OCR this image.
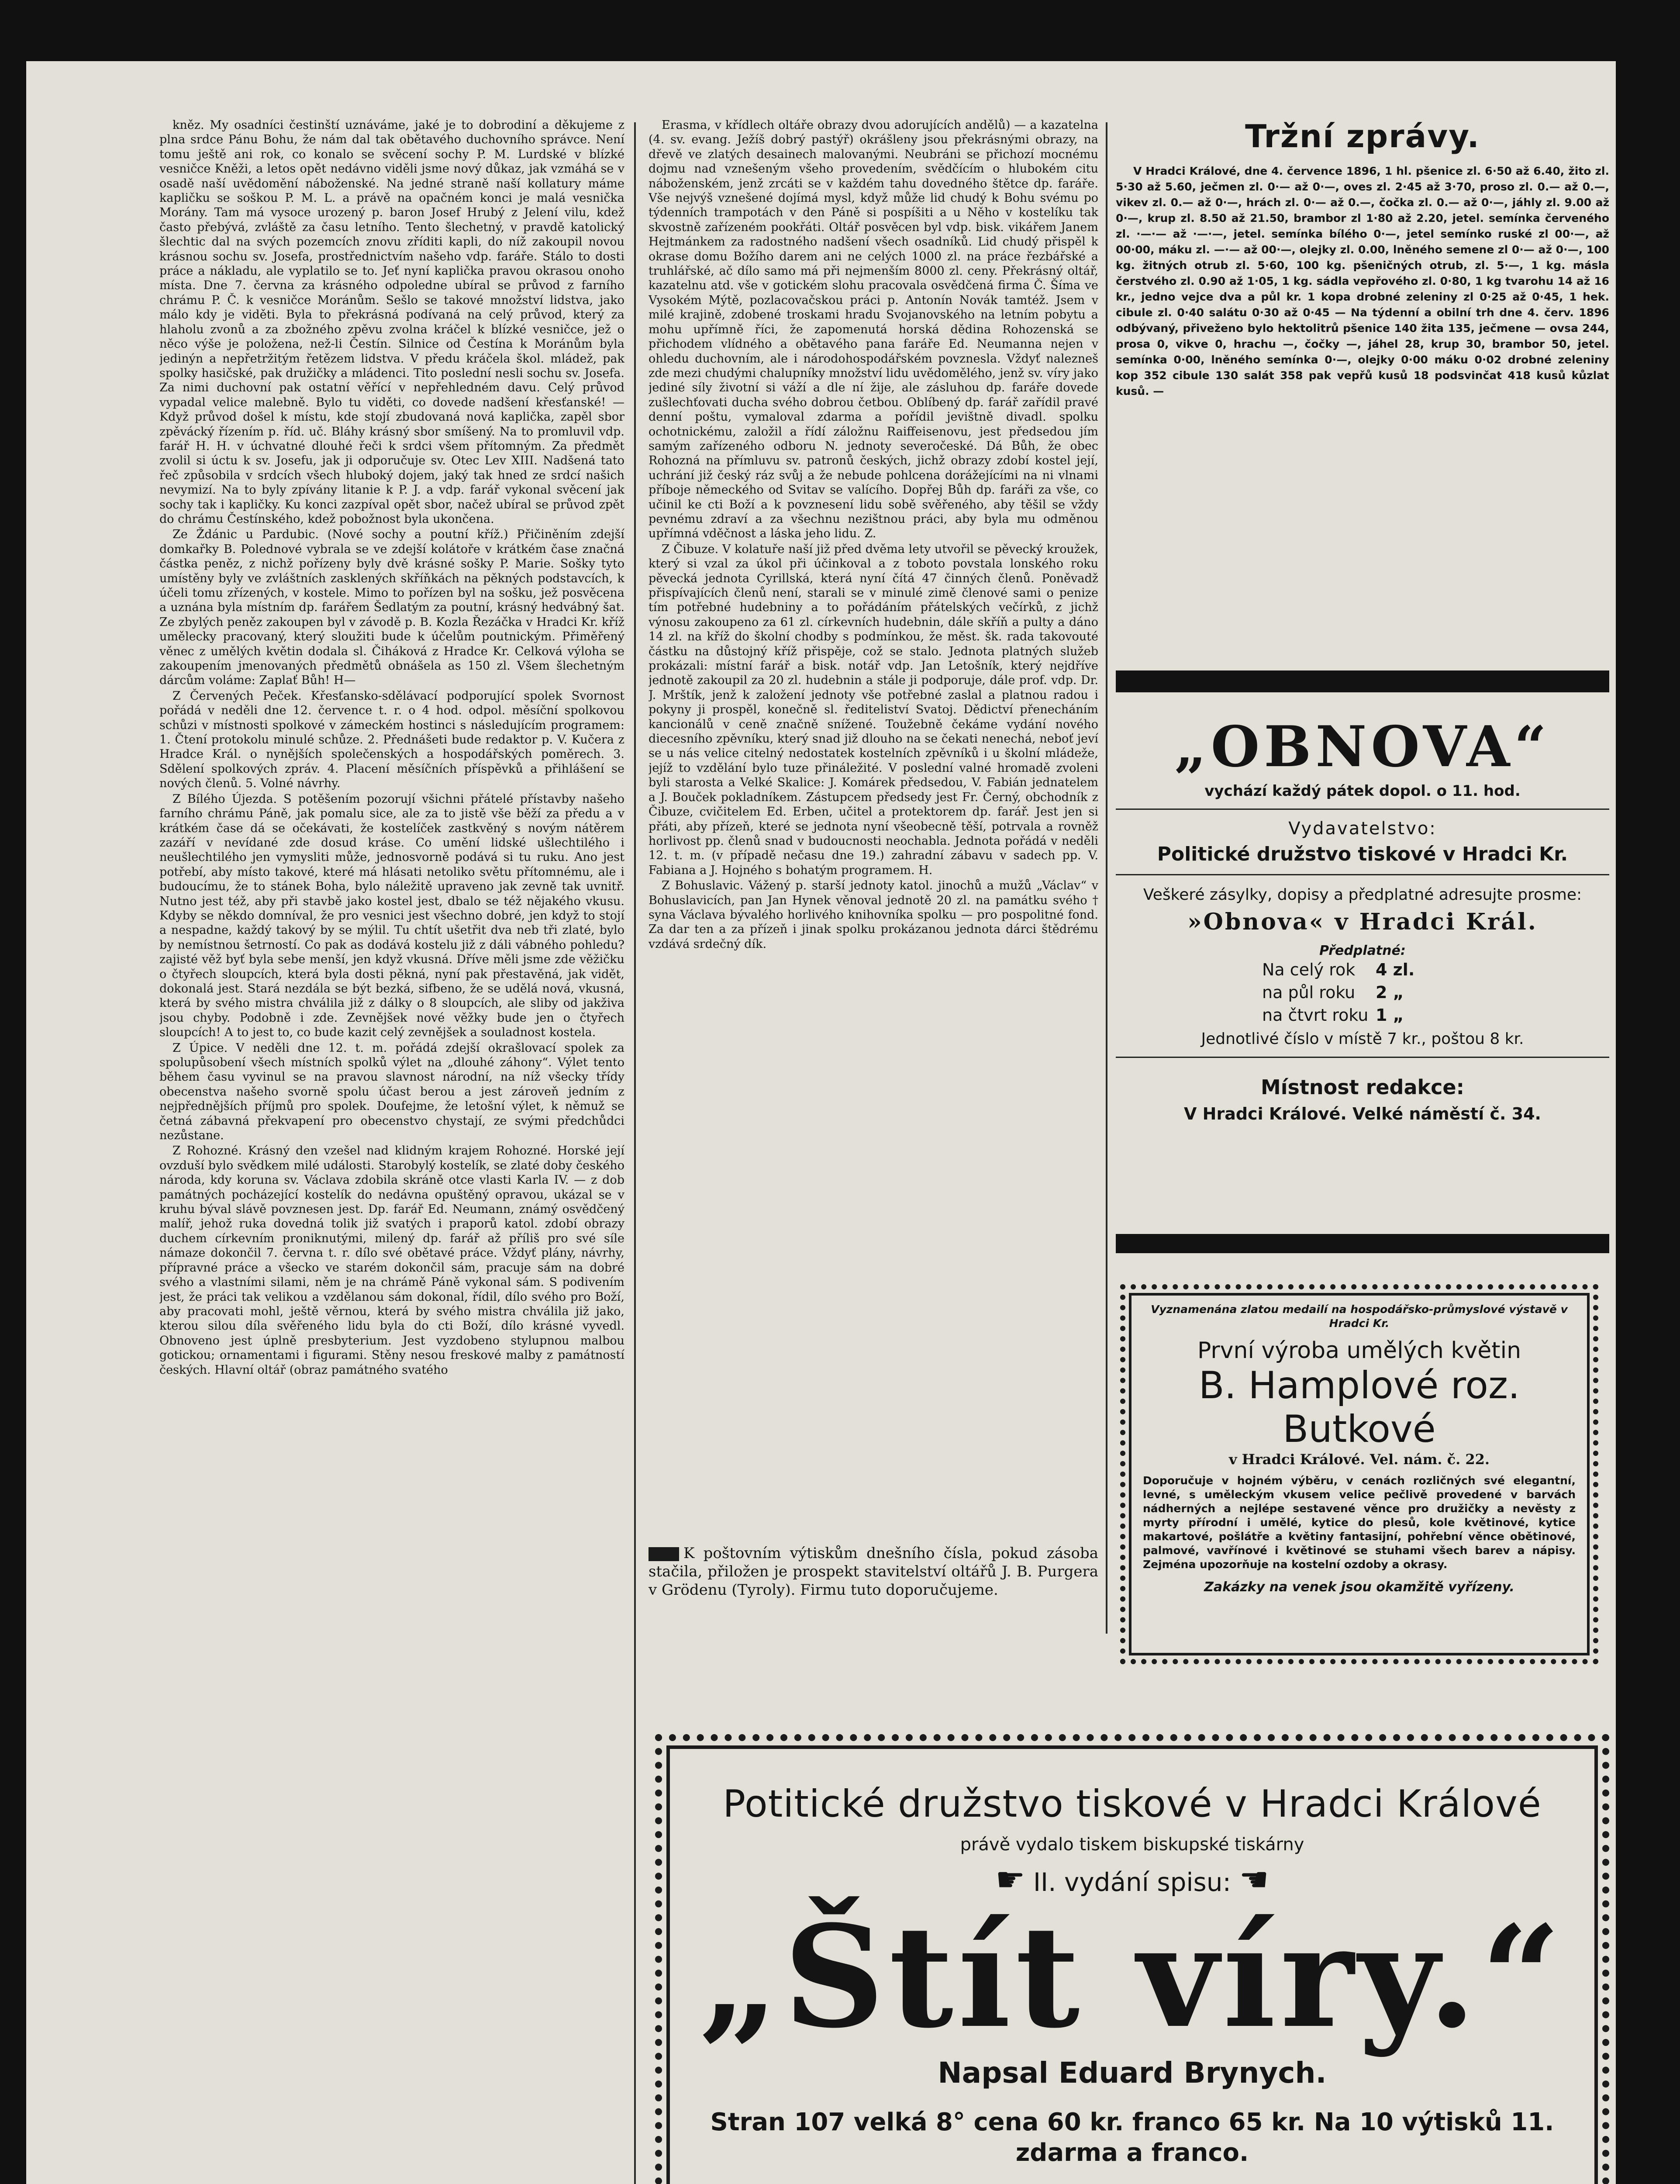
kněz. My osadníci čestinští uznáváme, jaké je to dobrodiní a děkujeme z plna srdce Pánu Bohu, že nám dal tak obětavého duchovního správce. Není tomu ještě ani rok, co konalo se svěcení sochy P. M. Lurdské v blízké vesničce Kněži, a letos opět nedávno viděli jsme nový důkaz, jak vzmáhá se v osadě naší uvědomění náboženské. Na jedné straně naší kollatury máme kapličku se soškou P. M. L. a právě na opačném konci je malá vesnička Morány. Tam má vysoce urozený p. baron Josef Hrubý z Jelení vilu, kdež často přebývá, zvláště za času letního. Tento šlechetný, v pravdě katolický šlechtic dal na svých pozemcích znovu zříditi kapli, do níž zakoupil novou krásnou sochu sv. Josefa, prostřednictvím našeho vdp. faráře. Stálo to dosti práce a nákladu, ale vyplatilo se to. Jeť nyní kaplička pravou okrasou onoho místa. Dne 7. června za krásného odpoledne ubíral se průvod z farního chrámu P. Č. k vesničce Moránům. Sešlo se takové množství lidstva, jako málo kdy je viděti. Byla to překrásná podívaná na celý průvod, který za hlaholu zvonů a za zbožného zpěvu zvolna kráčel k blízké vesničce, jež o něco výše je položena, než-li Čestín. Silnice od Čestína k Moránům byla jedinýn a nepřetržitým řetězem lidstva. V předu kráčela škol. mládež, pak spolky hasičské, pak družičky a mládenci. Tito poslední nesli sochu sv. Josefa. Za nimi duchovní pak ostatní věřící v nepřehledném davu. Celý průvod vypadal velice malebně. Bylo tu viděti, co dovede nadšení křesťanské! — Když průvod došel k místu, kde stojí zbudovaná nová kaplička, zapěl sbor zpěvácký řízením p. říd. uč. Bláhy krásný sbor smíšený. Na to promluvil vdp. farář H. H. v úchvatné dlouhé řeči k srdci všem přítomným. Za předmět zvolil si úctu k sv. Josefu, jak ji odporučuje sv. Otec Lev XIII. Nadšená tato řeč způsobila v srdcích všech hluboký dojem, jaký tak hned ze srdcí našich nevymizí. Na to byly zpívány litanie k P. J. a vdp. farář vykonal svěcení jak sochy tak i kapličky. Ku konci zazpíval opět sbor, načež ubíral se průvod zpět do chrámu Čestínského, kdež pobožnost byla ukončena.

Ze Ždánic u Pardubic. (Nové sochy a poutní kříž.) Přičiněním zdejší domkařky B. Polednové vybrala se ve zdejší kolátoře v krátkém čase značná částka peněz, z nichž pořízeny byly dvě krásné sošky P. Marie. Sošky tyto umístěny byly ve zvláštních zasklených skříňkách na pěkných podstavcích, k účeli tomu zřízených, v kostele. Mimo to pořízen byl na sošku, jež posvěcena a uznána byla místním dp. farářem Šedlatým za poutní, krásný hedvábný šat. Ze zbylých peněz zakoupen byl v závodě p. B. Kozla Řezáčka v Hradci Kr. kříž umělecky pracovaný, který sloužiti bude k účelům poutnickým. Přiměřený věnec z umělých květin dodala sl. Čiháková z Hradce Kr. Celková výloha se zakoupením jmenovaných předmětů obnášela as 150 zl. Všem šlechetným dárcům voláme: Zaplať Bůh! H—

Z Červených Peček. Křesťansko-sdělávací podporující spolek Svornost pořádá v neděli dne 12. července t. r. o 4 hod. odpol. měsíční spolkovou schůzi v místnosti spolkové v zámeckém hostinci s následujícím programem: 1. Čtení protokolu minulé schůze. 2. Přednášeti bude redaktor p. V. Kučera z Hradce Král. o nynějších společenských a hospodářských poměrech. 3. Sdělení spolkových zpráv. 4. Placení měsíčních příspěvků a přihlášení se nových členů. 5. Volné návrhy.

Z Bílého Újezda. S potěšením pozorují všichni přátelé přístavby našeho farního chrámu Páně, jak pomalu sice, ale za to jistě vše běží za předu a v krátkém čase dá se očekávati, že kostelíček zastkvěný s novým nátěrem zazáří v nevídané zde dosud kráse. Co umění lidské ušlechtilého i neušlechtilého jen vymysliti může, jednosvorně podává si tu ruku. Ano jest potřebí, aby místo takové, které má hlásati netoliko světu přítomnému, ale i budoucímu, že to stánek Boha, bylo náležitě upraveno jak zevně tak uvnitř. Nutno jest též, aby při stavbě jako kostel jest, dbalo se též nějakého vkusu. Kdyby se někdo domníval, že pro vesnici jest všechno dobré, jen když to stojí a nespadne, každý takový by se mýlil. Tu chtít ušetřit dva neb tři zlaté, bylo by nemístnou šetrností. Co pak as dodává kostelu již z dáli vábného pohledu? zajisté věž byť byla sebe menší, jen když vkusná. Dříve měli jsme zde věžičku o čtyřech sloupcích, která byla dosti pěkná, nyní pak přestavěná, jak vidět, dokonalá jest. Stará nezdála se být bezká, sifbeno, že se udělá nová, vkusná, která by svého mistra chválila již z dálky o 8 sloupcích, ale sliby od jakživa jsou chyby. Podobně i zde. Zevnějšek nové věžky bude jen o čtyřech sloupcích! A to jest to, co bude kazit celý zevnějšek a souladnost kostela.

Z Úpice. V neděli dne 12. t. m. pořádá zdejší okrašlovací spolek za spolupůsobení všech místních spolků výlet na „dlouhé záhony“. Výlet tento během času vyvinul se na pravou slavnost národní, na níž všecky třídy obecenstva našeho svorně spolu účast berou a jest zároveň jedním z nejpřednějších příjmů pro spolek. Doufejme, že letošní výlet, k němuž se četná zábavná překvapení pro obecenstvo chystají, ze svými předchůdci nezůstane.

Z Rohozné. Krásný den vzešel nad klidným krajem Rohozné. Horské její ovzduší bylo svědkem milé události. Starobylý kostelík, se zlaté doby českého národa, kdy koruna sv. Václava zdobila skráně otce vlasti Karla IV. — z dob památných pocházející kostelík do nedávna opuštěný opravou, ukázal se v kruhu býval slávě povznesen jest. Dp. farář Ed. Neumann, známý osvědčený malíř, jehož ruka dovedná tolik již svatých i praporů katol. zdobí obrazy duchem církevním proniknutými, milený dp. farář až příliš pro své síle námaze dokončil 7. června t. r. dílo své obětavé práce. Vždyť plány, návrhy, přípravné práce a všecko ve starém dokončil sám, pracuje sám na dobré svého a vlastními silami, něm je na chrámě Páně vykonal sám. S podivením jest, že práci tak velikou a vzdělanou sám dokonal, řídil, dílo svého pro Boží, aby pracovati mohl, ještě věrnou, která by svého mistra chválila již jako, kterou silou díla svěřeného lidu byla do cti Boží, dílo krásné vyvedl. Obnoveno jest úplně presbyterium. Jest vyzdobeno stylupnou malbou gotickou; ornamentami i figurami. Stěny nesou freskové malby z památností českých. Hlavní oltář (obraz památného svatého

Erasma, v křídlech oltáře obrazy dvou adorujících andělů) — a kazatelna (4. sv. evang. Ježíš dobrý pastýř) okrášleny jsou překrásnými obrazy, na dřevě ve zlatých desainech malovanými. Neubráni se přichozí mocnému dojmu nad vznešeným všeho provedením, svědčícím o hlubokém citu náboženském, jenž zrcáti se v každém tahu dovedného štětce dp. faráře. Vše nejvýš vznešené dojímá mysl, když může lid chudý k Bohu svému po týdenních trampotách v den Páně si pospíšiti a u Něho v kostelíku tak skvostně zařízeném pookřáti. Oltář posvěcen byl vdp. bisk. vikářem Janem Hejtmánkem za radostného nadšení všech osadníků. Lid chudý přispěl k okrase domu Božího darem ani ne celých 1000 zl. na práce řezbářské a truhlářské, ač dílo samo má při nejmenším 8000 zl. ceny. Překrásný oltář, kazatelnu atd. vše v gotickém slohu pracovala osvědčená firma Č. Šíma ve Vysokém Mýtě, pozlacovačskou práci p. Antonín Novák tamtéž. Jsem v milé krajině, zdobené troskami hradu Svojanovského na letním pobytu a mohu upřímně říci, že zapomenutá horská dědina Rohozenská se přichodem vlídného a obětavého pana faráře Ed. Neumanna nejen v ohledu duchovním, ale i národohospodářském povznesla. Vždyť nalezneš zde mezi chudými chalupníky množství lidu uvědomělého, jenž sv. víry jako jediné síly životní si váží a dle ní žije, ale zásluhou dp. faráře dovede zušlechťovati ducha svého dobrou četbou. Oblíbený dp. farář zařídil pravé denní poštu, vymaloval zdarma a pořídil jevištně divadl. spolku ochotnickému, založil a řídí záložnu Raiffeisenovu, jest předsedou jím samým zařízeného odboru N. jednoty severočeské. Dá Bůh, že obec Rohozná na přímluvu sv. patronů českých, jichž obrazy zdobí kostel její, uchrání již český ráz svůj a že nebude pohlcena dorážejícími na ni vlnami příboje německého od Svitav se valícího. Dopřej Bůh dp. faráři za vše, co učinil ke cti Boží a k povznesení lidu sobě svěřeného, aby těšil se vždy pevnému zdraví a za všechnu nezištnou práci, aby byla mu odměnou upřímná vděčnost a láska jeho lidu. Z.

Z Čibuze. V kolatuře naší již před dvěma lety utvořil se pěvecký kroužek, který si vzal za úkol při účinkoval a z toboto povstala lonského roku pěvecká jednota Cyrillská, která nyní čítá 47 činných členů. Poněvadž přispívajících členů není, starali se v minulé zimě členové sami o penize tím potřebné hudebniny a to pořádáním přátelských večírků, z jichž výnosu zakoupeno za 61 zl. církevních hudebnin, dále skříň a pulty a dáno 14 zl. na kříž do školní chodby s podmínkou, že měst. šk. rada takovouté částku na důstojný kříž přispěje, což se stalo. Jednota platných služeb prokázali: místní farář a bisk. notář vdp. Jan Letošník, který nejdříve jednotě zakoupil za 20 zl. hudebnin a stále ji podporuje, dále prof. vdp. Dr. J. Mrštík, jenž k založení jednoty vše potřebné zaslal a platnou radou i pokyny ji prospěl, konečně sl. řediteliství Svatoj. Dědictví přenecháním kancionálů v ceně značně snížené. Toužebně čekáme vydání nového diecesního zpěvníku, který snad již dlouho na se čekati nenechá, neboť jeví se u nás velice citelný nedostatek kostelních zpěvníků i u školní mládeže, jejíž to vzdělání bylo tuze přináležité. V poslední valné hromadě zvoleni byli starosta a Velké Skalice: J. Komárek předsedou, V. Fabián jednatelem a J. Bouček pokladníkem. Zástupcem předsedy jest Fr. Černý, obchodník z Čibuze, cvičitelem Ed. Erben, učitel a protektorem dp. farář. Jest jen si přáti, aby přízeň, které se jednota nyní všeobecně těší, potrvala a rovněž horlivost pp. členů snad v budoucnosti neochabla. Jednota pořádá v neděli 12. t. m. (v případě nečasu dne 19.) zahradní zábavu v sadech pp. V. Fabiana a J. Hojného s bohatým programem. H.

Z Bohuslavic. Vážený p. starší jednoty katol. jinochů a mužů „Václav“ v Bohuslavicích, pan Jan Hynek věnoval jednotě 20 zl. na památku svého † syna Václava bývalého horlivého knihovníka spolku — pro pospolitné fond. Za dar ten a za přízeň i jinak spolku prokázanou jednota dárci štědrému vzdává srdečný dík.

K poštovním výtiskům dnešního čísla, pokud zásoba stačila, přiložen je prospekt stavitelství oltářů J. B. Purgera v Grödenu (Tyroly). Firmu tuto doporučujeme.
Tržní zprávy.

V Hradci Králové, dne 4. července 1896, 1 hl. pšenice zl. 6·50 až 6.40, žito zl. 5·30 až 5.60, ječmen zl. 0·— až 0·—, oves zl. 2·45 až 3·70, proso zl. 0.— až 0.—, vikev zl. 0.— až 0·—, hrách zl. 0·— až 0.—, čočka zl. 0.— až 0·—, jáhly zl. 9.00 až 0·—, krup zl. 8.50 až 21.50, brambor zl 1·80 až 2.20, jetel. semínka červeného zl. ·—·— až ·—·—, jetel. semínka bílého 0·—, jetel semínko ruské zl 00·—, až 00·00, máku zl. —·— až 00·—, olejky zl. 0.00, lněného semene zl 0·— až 0·—, 100 kg. žitných otrub zl. 5·60, 100 kg. pšeničných otrub, zl. 5·—, 1 kg. másla čerstvého zl. 0.90 až 1·05, 1 kg. sádla vepřového zl. 0·80, 1 kg tvarohu 14 až 16 kr., jedno vejce dva a půl kr. 1 kopa drobné zeleniny zl 0·25 až 0·45, 1 hek. cibule zl. 0·40 salátu 0·30 až 0·45 — Na týdenní a obilní trh dne 4. červ. 1896 odbývaný, přiveženo bylo hektolitrů pšenice 140 žita 135, ječmene — ovsa 244, prosa 0, vikve 0, hrachu —, čočky —, jáhel 28, krup 30, brambor 50, jetel. semínka 0·00, lněného semínka 0·—, olejky 0·00 máku 0·02 drobné zeleniny kop 352 cibule 130 salát 358 pak vepřů kusů 18 podsvinčat 418 kusů kůzlat kusů. —

„OBNOVA“
vychází každý pátek dopol. o 11. hod.
Vydavatelstvo:
Politické družstvo tiskové v Hradci Kr.
Veškeré zásylky, dopisy a předplatné adresujte prosme:
»Obnova« v Hradci Král.
Předplatné:
Na celý rok 4 zl.
na půl roku 2 „
na čtvrt roku 1 „
Jednotlivé číslo v místě 7 kr., poštou 8 kr.
Místnost redakce:
V Hradci Králové. Velké náměstí č. 34.
Vyznamenána zlatou medailí na hospodářsko-průmyslové výstavě v Hradci Kr.
První výroba umělých květin
B. Hamplové roz. Butkové
v Hradci Králové. Vel. nám. č. 22.
Doporučuje v hojném výběru, v cenách rozličných své elegantní, levné, s uměleckým vkusem velice pečlivě provedené v barvách nádherných a nejlépe sestavené věnce pro družičky a nevěsty z myrty přírodní i umělé, kytice do plesů, kole květinové, kytice makartové, pošlátře a květiny fantasijní, pohřební věnce obětinové, palmové, vavřínové i květinové se stuhami všech barev a nápisy. Zejména upozorňuje na kostelní ozdoby a okrasy.
Zakázky na venek jsou okamžitě vyřízeny.
Potitické družstvo tiskové v Hradci Králové
právě vydalo tiskem biskupské tiskárny
☛ II. vydání spisu: ☚
„Štít víry.“
Napsal Eduard Brynych.
Stran 107 velká 8° cena 60 kr. franco 65 kr. Na 10 výtisků 11. zdarma a franco.
